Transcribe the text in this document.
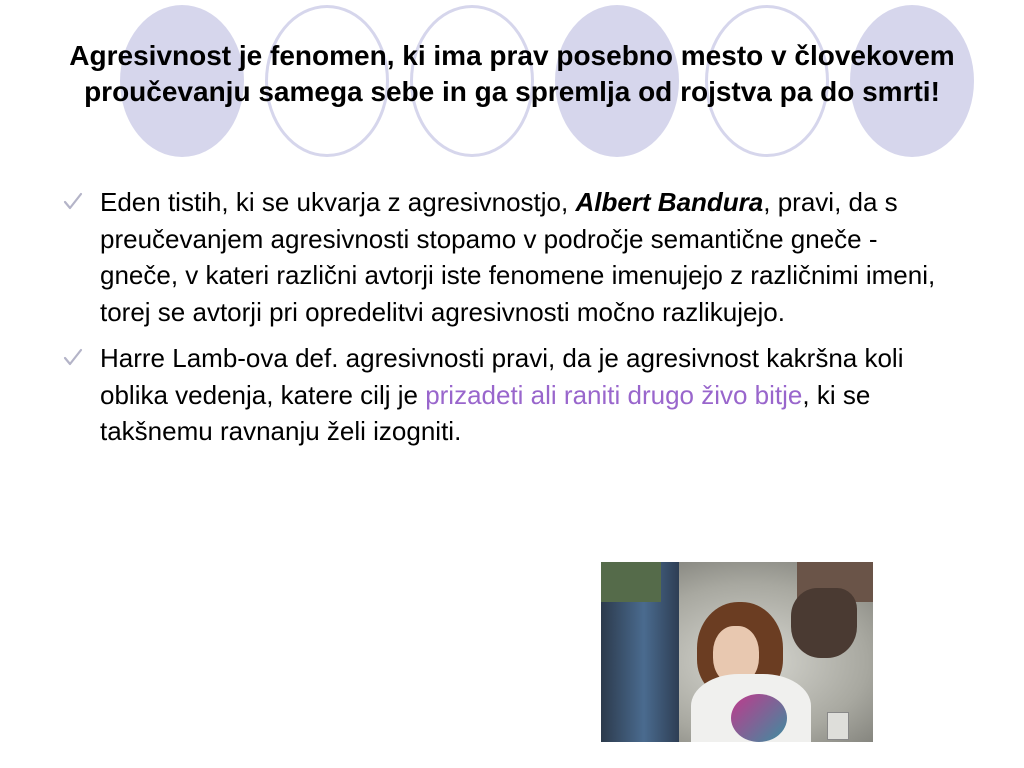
Agresivnost je fenomen, ki ima prav posebno mesto v človekovem proučevanju samega sebe in ga spremlja od rojstva pa do smrti!
Eden tistih, ki se ukvarja z agresivnostjo, Albert Bandura, pravi, da s preučevanjem agresivnosti stopamo v področje semantične gneče - gneče, v kateri različni avtorji iste fenomene imenujejo z različnimi imeni, torej se avtorji pri opredelitvi agresivnosti močno razlikujejo.
Harre Lamb-ova def. agresivnosti pravi, da je agresivnost kakršna koli oblika vedenja, katere cilj je prizadeti ali raniti drugo živo bitje, ki se takšnemu ravnanju želi izogniti.
